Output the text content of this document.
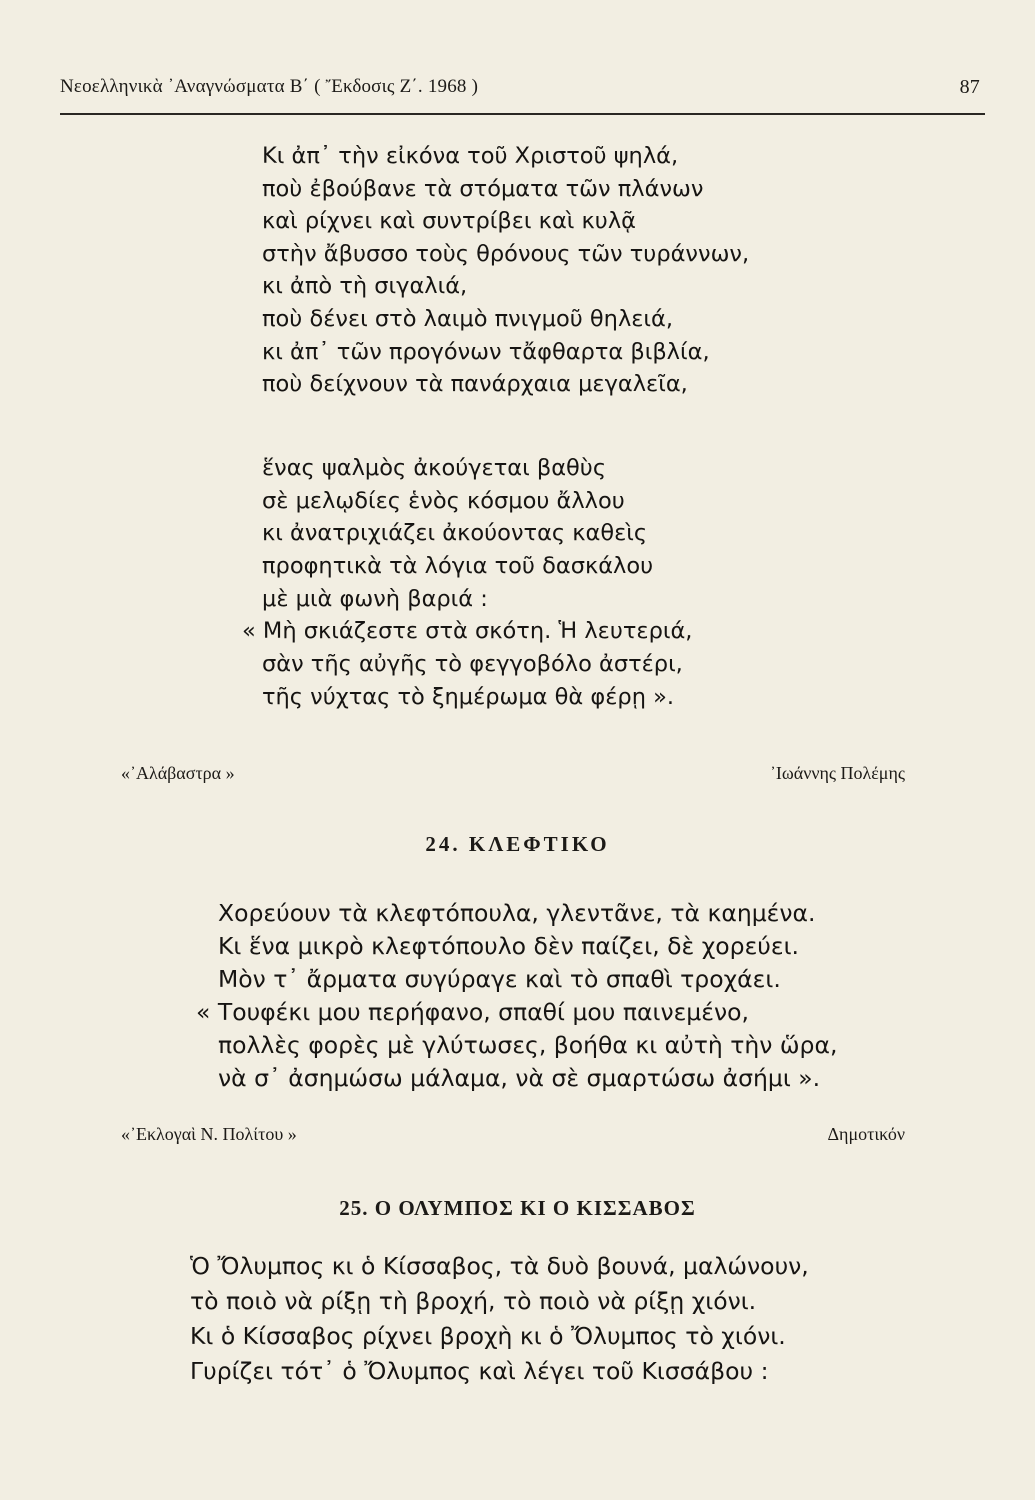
Νεοελληνικὰ ᾿Αναγνώσματα Β΄ ( Ἔκδοσις Ζ΄. 1968 )	87
Κι ἀπ᾿ τὴν εἰκόνα τοῦ Χριστοῦ ψηλά,
ποὺ ἐβούβανε τὰ στόματα τῶν πλάνων
καὶ ρίχνει καὶ συντρίβει καὶ κυλᾷ
στὴν ἄβυσσο τοὺς θρόνους τῶν τυράννων,
κι ἀπὸ τὴ σιγαλιά,
ποὺ δένει στὸ λαιμὸ πνιγμοῦ θηλειά,
κι ἀπ᾿ τῶν προγόνων τἄφθαρτα βιβλία,
ποὺ δείχνουν τὰ πανάρχαια μεγαλεῖα,
ἕνας ψαλμὸς ἀκούγεται βαθὺς
σὲ μελῳδίες ἑνὸς κόσμου ἄλλου
κι ἀνατριχιάζει ἀκούοντας καθεὶς
προφητικὰ τὰ λόγια τοῦ δασκάλου
μὲ μιὰ φωνὴ βαριά :
« Μὴ σκιάζεστε στὰ σκότη. Ἡ λευτεριά,
σὰν τῆς αὐγῆς τὸ φεγγοβόλο ἀστέρι,
τῆς νύχτας τὸ ξημέρωμα θὰ φέρῃ ».
«᾿Αλάβαστρα »	᾿Ιωάννης Πολέμης
24. ΚΛΕΦΤΙΚΟ
Χορεύουν τὰ κλεφτόπουλα, γλεντᾶνε, τὰ καημένα.
Κι ἕνα μικρὸ κλεφτόπουλο δὲν παίζει, δὲ χορεύει.
Μὸν τ᾿ ἄρματα συγύραγε καὶ τὸ σπαθὶ τροχάει.
« Τουφέκι μου περήφανο, σπαθί μου παινεμένο,
πολλὲς φορὲς μὲ γλύτωσες, βοήθα κι αὐτὴ τὴν ὥρα,
νὰ σ᾿ ἀσημώσω μάλαμα, νὰ σὲ σμαρτώσω ἀσήμι ».
«᾿Εκλογαὶ Ν. Πολίτου »	Δημοτικόν
25. Ο ΟΛΥΜΠΟΣ ΚΙ Ο ΚΙΣΣΑΒΟΣ
Ὁ Ὄλυμπος κι ὁ Κίσσαβος, τὰ δυὸ βουνά, μαλώνουν,
τὸ ποιὸ νὰ ρίξῃ τὴ βροχή, τὸ ποιὸ νὰ ρίξῃ χιόνι.
Κι ὁ Κίσσαβος ρίχνει βροχὴ κι ὁ Ὄλυμπος τὸ χιόνι.
Γυρίζει τότ᾿ ὁ Ὄλυμπος καὶ λέγει τοῦ Κισσάβου :
